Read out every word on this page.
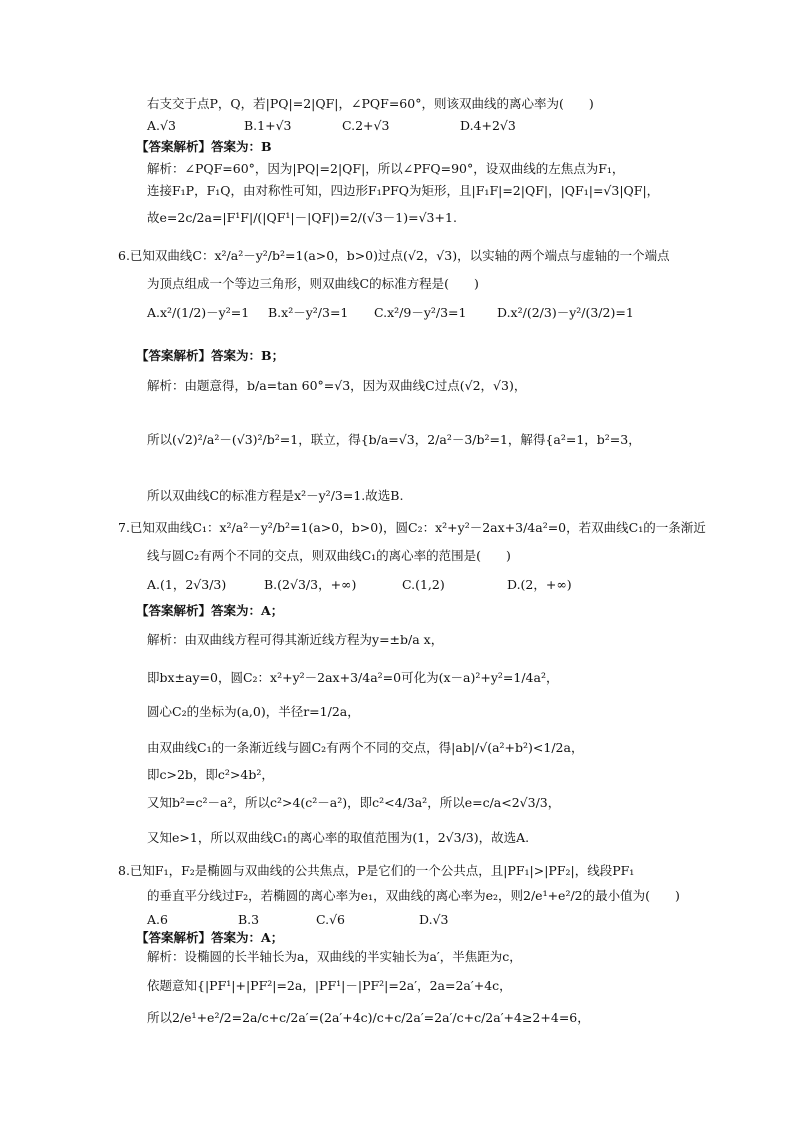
右支交于点P，Q，若|PQ|=2|QF|，∠PQF=60°，则该双曲线的离心率为(　　)
A.√3	B.1+√3	C.2+√3	D.4+2√3
【答案解析】答案为：B
解析：∠PQF=60°，因为|PQ|=2|QF|，所以∠PFQ=90°，设双曲线的左焦点为F₁，
连接F₁P，F₁Q，由对称性可知，四边形F₁PFQ为矩形，且|F₁F|=2|QF|，|QF₁|=√3|QF|，
故e=2c/2a=|F¹F|/(|QF¹|－|QF|)=2/(√3－1)=√3+1.
6.已知双曲线C：x²/a²－y²/b²=1(a>0，b>0)过点(√2，√3)，以实轴的两个端点与虚轴的一个端点
为顶点组成一个等边三角形，则双曲线C的标准方程是(　　)
A.x²/(1/2)－y²=1 B.x²－y²/3=1 C.x²/9－y²/3=1 D.x²/(2/3)－y²/(3/2)=1
【答案解析】答案为：B；
解析：由题意得，b/a=tan 60°=√3，因为双曲线C过点(√2，√3)，
所以(√2)²/a²－(√3)²/b²=1，联立，得{b/a=√3，2/a²－3/b²=1，解得{a²=1，b²=3，
所以双曲线C的标准方程是x²－y²/3=1.故选B.
7.已知双曲线C₁：x²/a²－y²/b²=1(a>0，b>0)，圆C₂：x²+y²－2ax+3/4a²=0，若双曲线C₁的一条渐近
线与圆C₂有两个不同的交点，则双曲线C₁的离心率的范围是(　　)
A.(1，2√3/3)	B.(2√3/3，+∞)	C.(1,2)	D.(2，+∞)
【答案解析】答案为：A；
解析：由双曲线方程可得其渐近线方程为y=±b/a x，
即bx±ay=0，圆C₂：x²+y²－2ax+3/4a²=0可化为(x－a)²+y²=1/4a²，
圆心C₂的坐标为(a,0)，半径r=1/2a，
由双曲线C₁的一条渐近线与圆C₂有两个不同的交点，得|ab|/√(a²+b²)<1/2a，
即c>2b，即c²>4b²，
又知b²=c²－a²，所以c²>4(c²－a²)，即c²<4/3a²，所以e=c/a<2√3/3，
又知e>1，所以双曲线C₁的离心率的取值范围为(1，2√3/3)，故选A.
8.已知F₁，F₂是椭圆与双曲线的公共焦点，P是它们的一个公共点，且|PF₁|>|PF₂|，线段PF₁
的垂直平分线过F₂，若椭圆的离心率为e₁，双曲线的离心率为e₂，则2/e¹+e²/2的最小值为(　　)
A.6	B.3	C.√6	D.√3
【答案解析】答案为：A；
解析：设椭圆的长半轴长为a，双曲线的半实轴长为a′，半焦距为c，
依题意知{|PF¹|+|PF²|=2a，|PF¹|－|PF²|=2a′，2a=2a′+4c，
所以2/e¹+e²/2=2a/c+c/2a′=(2a′+4c)/c+c/2a′=2a′/c+c/2a′+4≥2+4=6，
